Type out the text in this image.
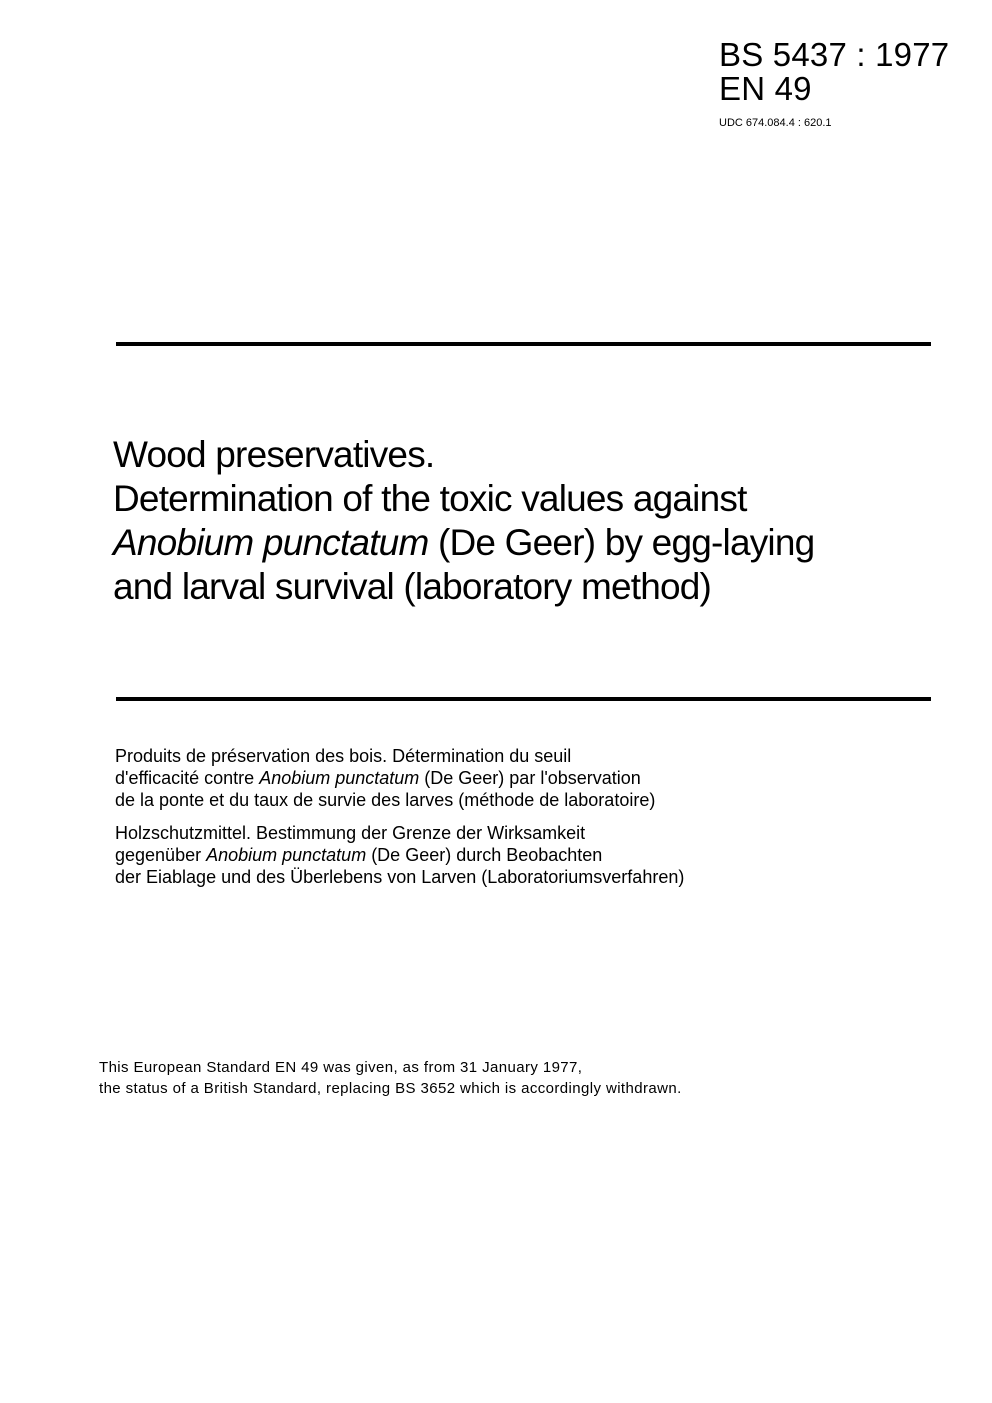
BS 5437 : 1977
EN 49
UDC 674.084.4 : 620.1
Wood preservatives.
Determination of the toxic values against
Anobium punctatum (De Geer) by egg-laying
and larval survival (laboratory method)
Produits de préservation des bois. Détermination du seuil
d'efficacité contre Anobium punctatum (De Geer) par l'observation
de la ponte et du taux de survie des larves (méthode de laboratoire)
Holzschutzmittel. Bestimmung der Grenze der Wirksamkeit
gegenüber Anobium punctatum (De Geer) durch Beobachten
der Eiablage und des Überlebens von Larven (Laboratoriumsverfahren)
This European Standard EN 49 was given, as from 31 January 1977,
the status of a British Standard, replacing BS 3652 which is accordingly withdrawn.
